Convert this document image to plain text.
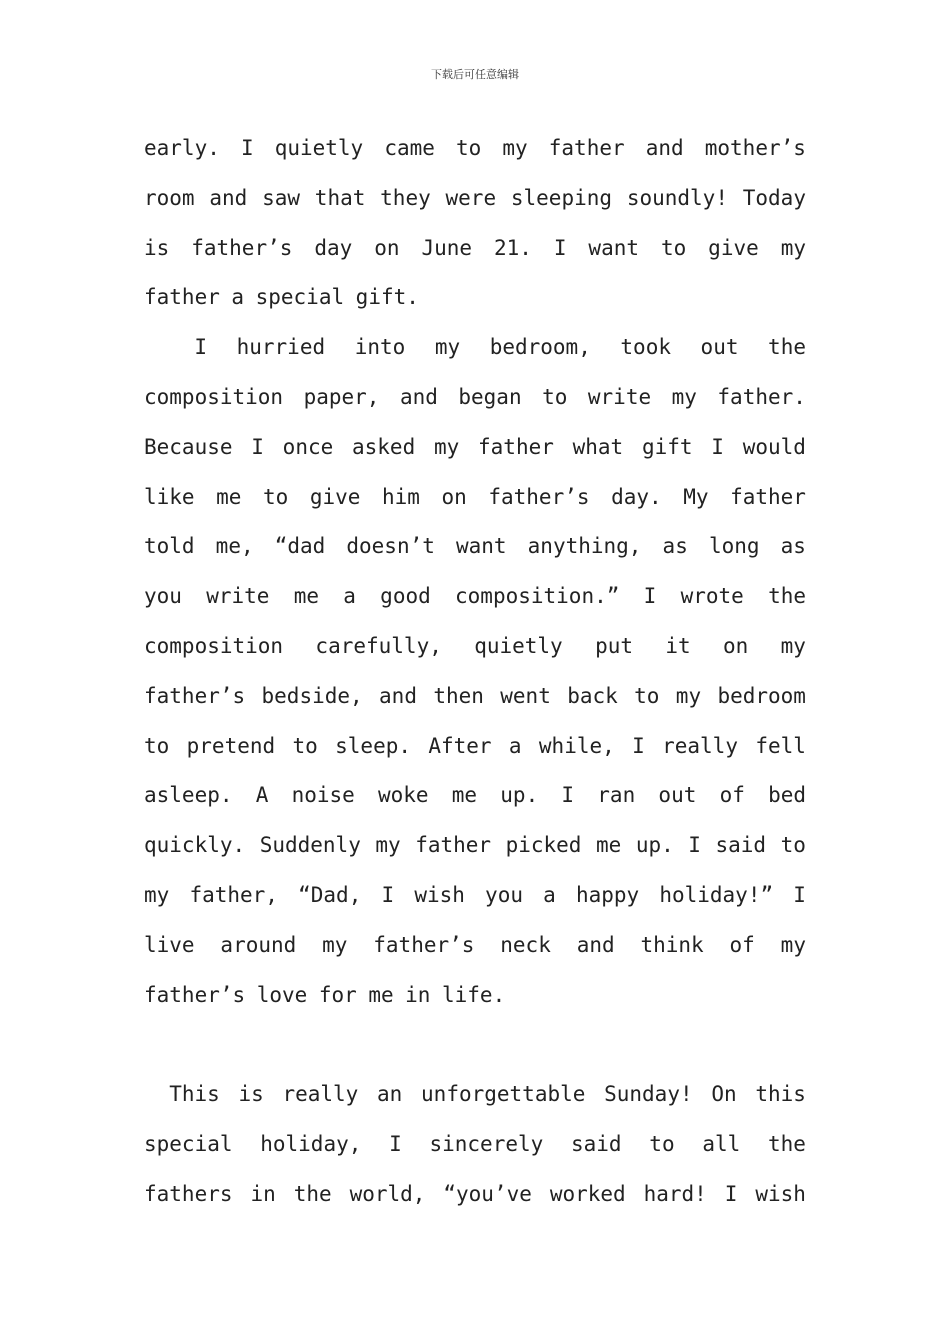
下载后可任意编辑
early. I quietly came to my father and mother’s
room and saw that they were sleeping soundly! Today
is father’s day on June 21. I want to give my
father a special gift.
I hurried into my bedroom, took out the
composition paper, and began to write my father.
Because I once asked my father what gift I would
like me to give him on father’s day. My father
told me, “dad doesn’t want anything, as long as
you write me a good composition.” I wrote the
composition carefully, quietly put it on my
father’s bedside, and then went back to my bedroom
to pretend to sleep. After a while, I really fell
asleep. A noise woke me up. I ran out of bed
quickly. Suddenly my father picked me up. I said to
my father, “Dad, I wish you a happy holiday!” I
live around my father’s neck and think of my
father’s love for me in life.
This is really an unforgettable Sunday! On this
special holiday, I sincerely said to all the
fathers in the world, “you’ve worked hard! I wish
